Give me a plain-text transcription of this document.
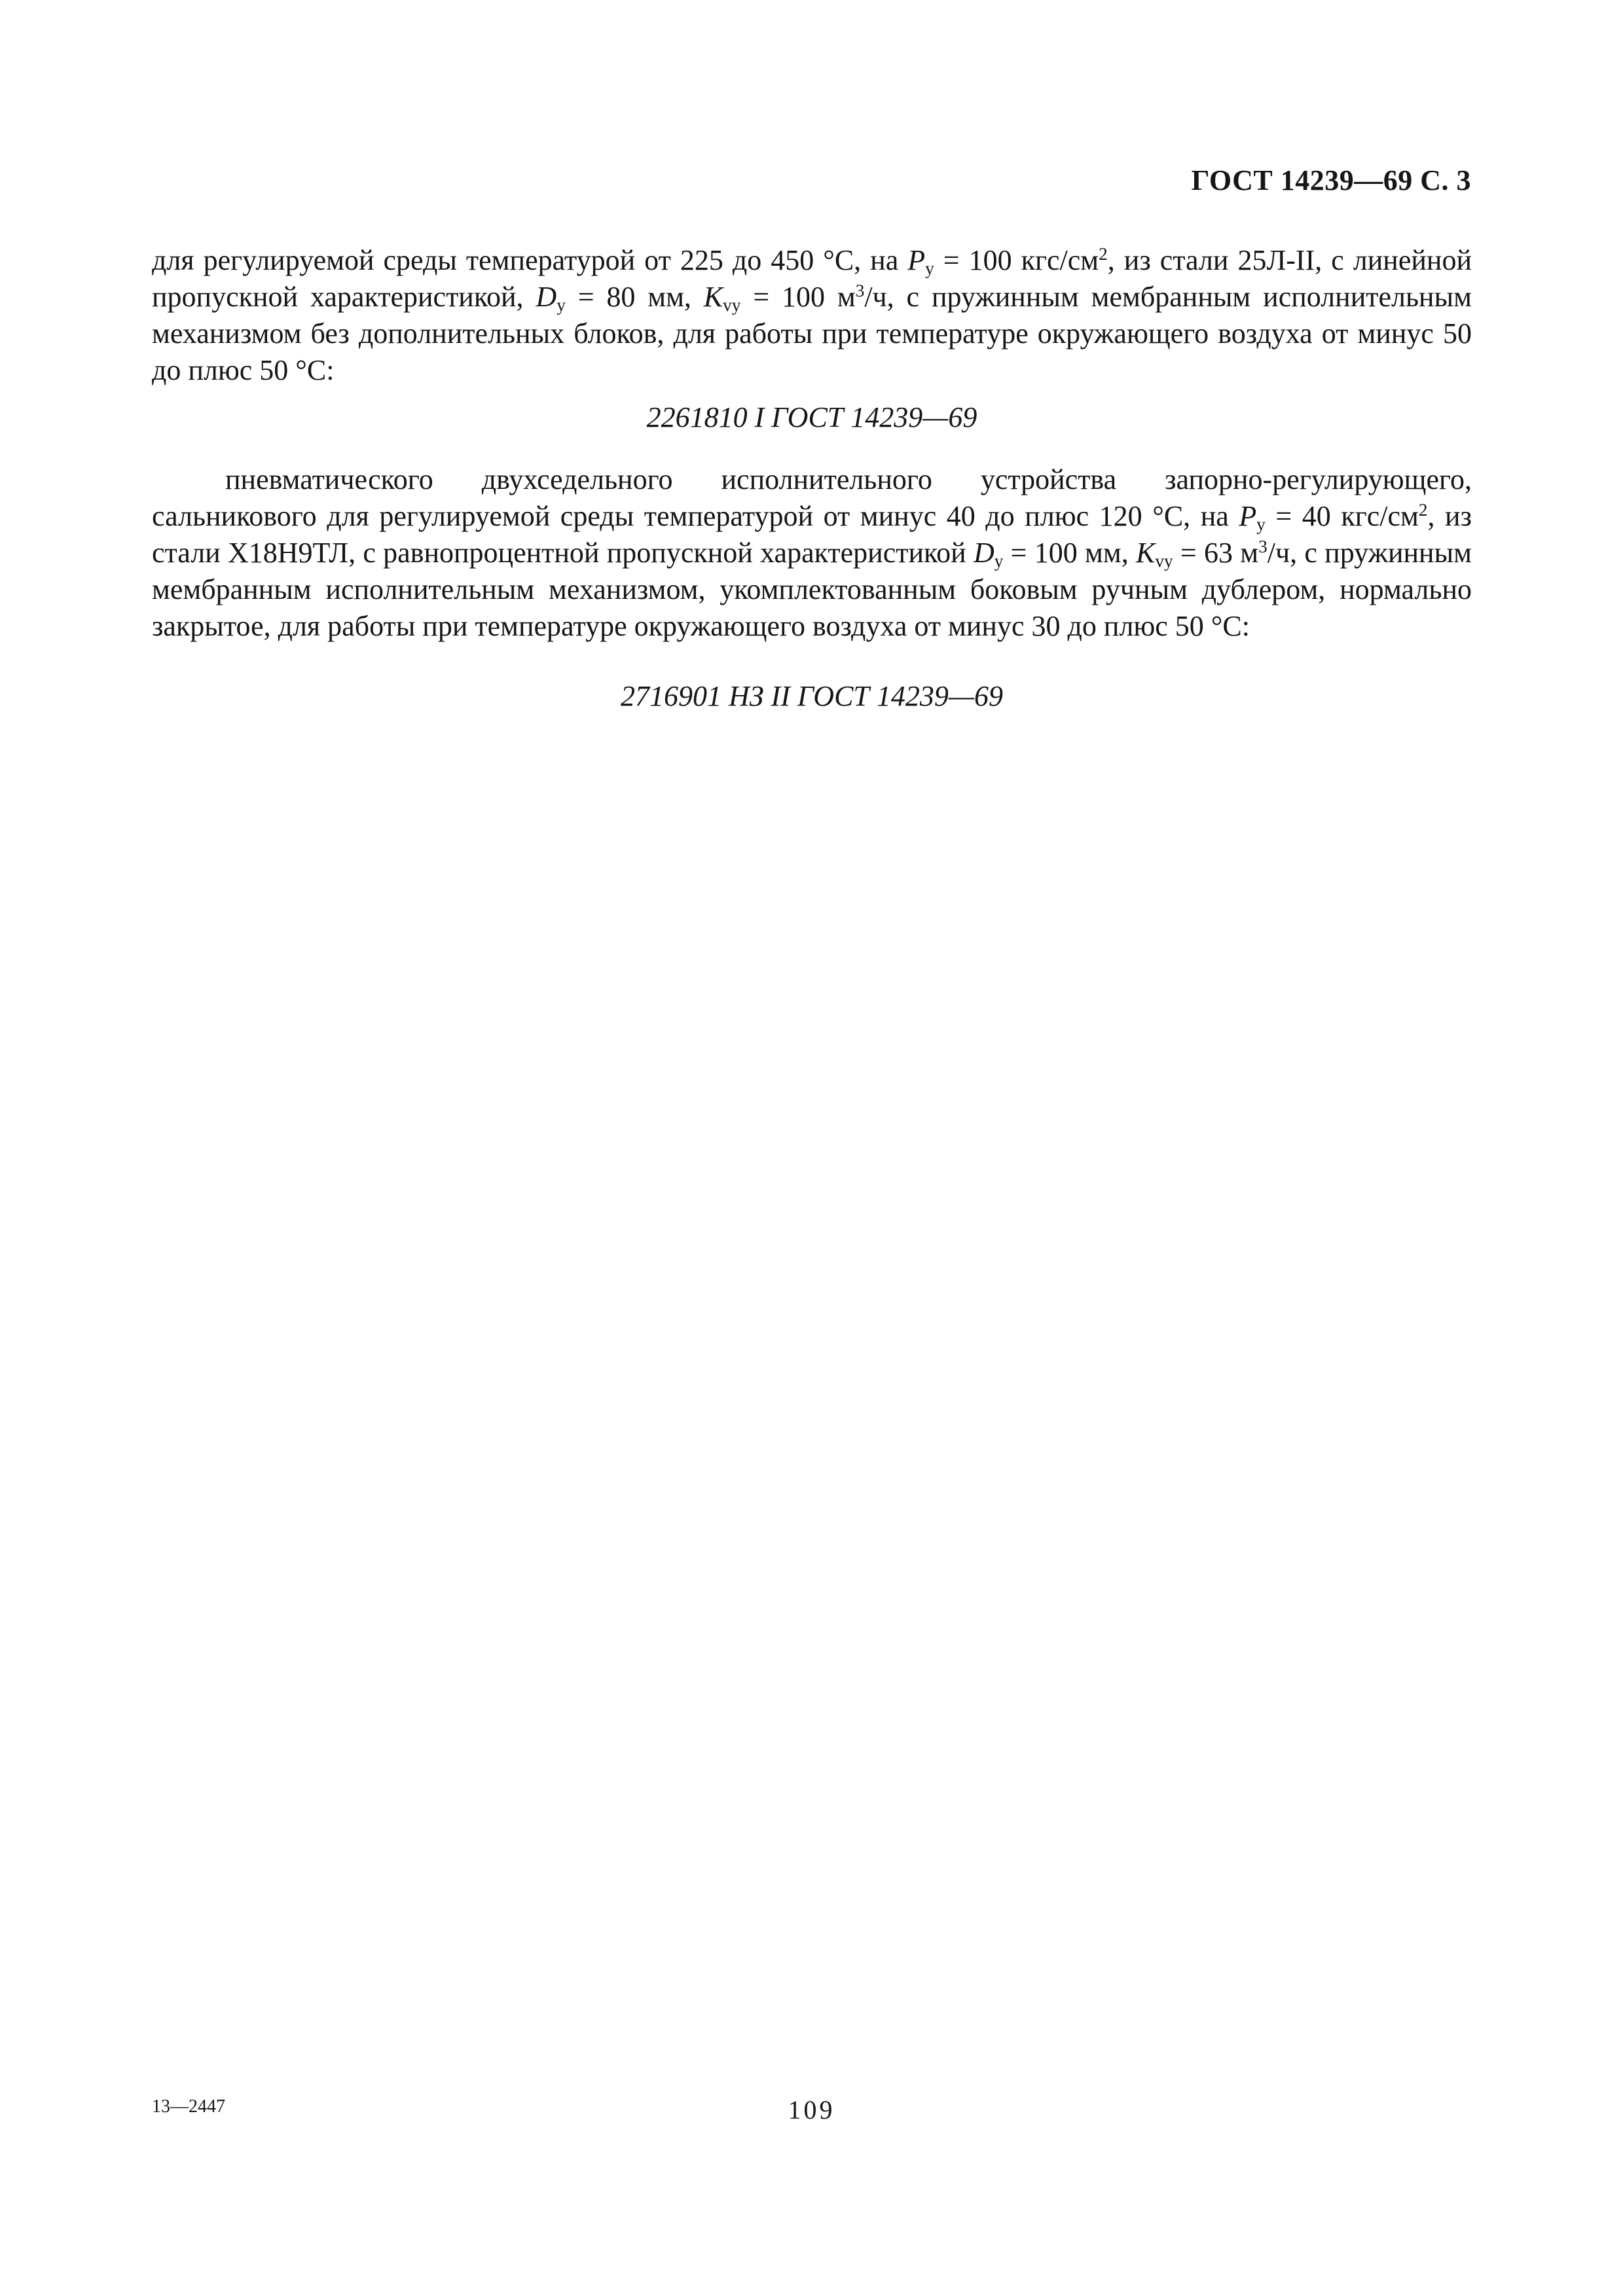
ГОСТ 14239—69 С. 3

для регулируемой среды температурой от 225 до 450 °С, на $P_у = 100$ кгс/$см^2$, из стали 25Л-II, с линейной пропускной характеристикой, $D_у = 80$ мм, $K_{vу} = 100$ $м^3/ч$, с пружинным мембранным исполнительным механизмом без дополнительных блоков, для работы при температуре окружающего воздуха от минус 50 до плюс 50 °С:

2261810 I ГОСТ 14239—69

пневматического двухседельного исполнительного устройства запорно-регулирующего, сальникового для регулируемой среды температурой от минус 40 до плюс 120 °С, на $P_у = 40$ кгс/$см^2$, из стали Х18Н9ТЛ, с равнопроцентной пропускной характеристикой $D_у = 100$ мм, $K_{vу} = 63$ $м^3/ч$, с пружинным мембранным исполнительным механизмом, укомплектованным боковым ручным дублером, нормально закрытое, для работы при температуре окружающего воздуха от минус 30 до плюс 50 °С:

2716901 НЗ II ГОСТ 14239—69

13—2447	109
